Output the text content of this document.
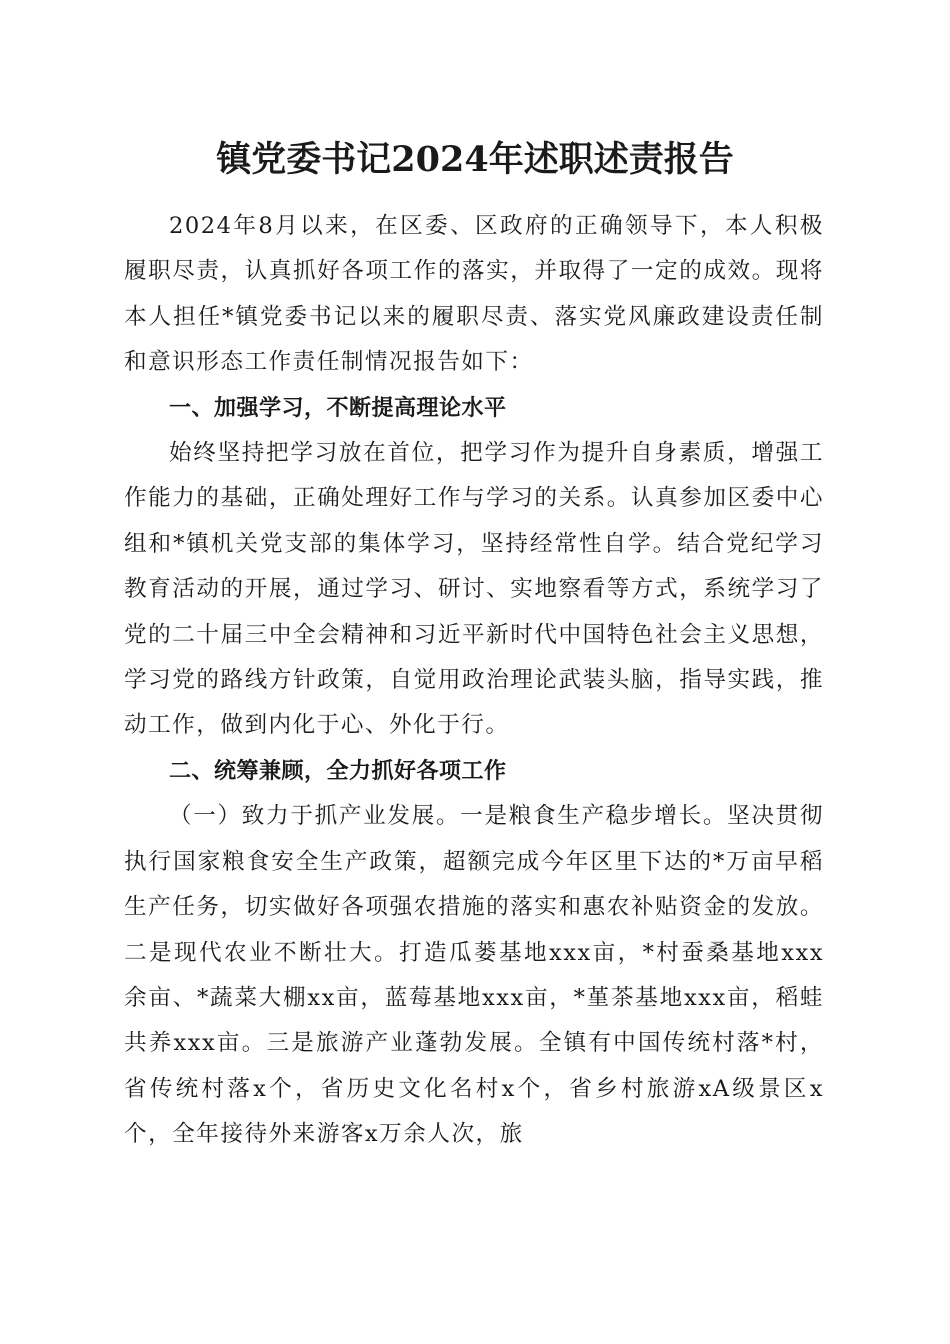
镇党委书记2024年述职述责报告

2024年8月以来，在区委、区政府的正确领导下，本人积极履职尽责，认真抓好各项工作的落实，并取得了一定的成效。现将本人担任*镇党委书记以来的履职尽责、落实党风廉政建设责任制和意识形态工作责任制情况报告如下：

一、加强学习，不断提高理论水平

始终坚持把学习放在首位，把学习作为提升自身素质，增强工作能力的基础，正确处理好工作与学习的关系。认真参加区委中心组和*镇机关党支部的集体学习，坚持经常性自学。结合党纪学习教育活动的开展，通过学习、研讨、实地察看等方式，系统学习了党的二十届三中全会精神和习近平新时代中国特色社会主义思想，学习党的路线方针政策，自觉用政治理论武装头脑，指导实践，推动工作，做到内化于心、外化于行。

二、统筹兼顾，全力抓好各项工作

（一）致力于抓产业发展。一是粮食生产稳步增长。坚决贯彻执行国家粮食安全生产政策，超额完成今年区里下达的*万亩早稻生产任务，切实做好各项强农措施的落实和惠农补贴资金的发放。二是现代农业不断壮大。打造瓜蒌基地xxx亩，*村蚕桑基地xxx余亩、*蔬菜大棚xx亩，蓝莓基地xxx亩，*堇茶基地xxx亩，稻蛙共养xxx亩。三是旅游产业蓬勃发展。全镇有中国传统村落*村，省传统村落x个，省历史文化名村x个，省乡村旅游xA级景区x个，全年接待外来游客x万余人次，旅
